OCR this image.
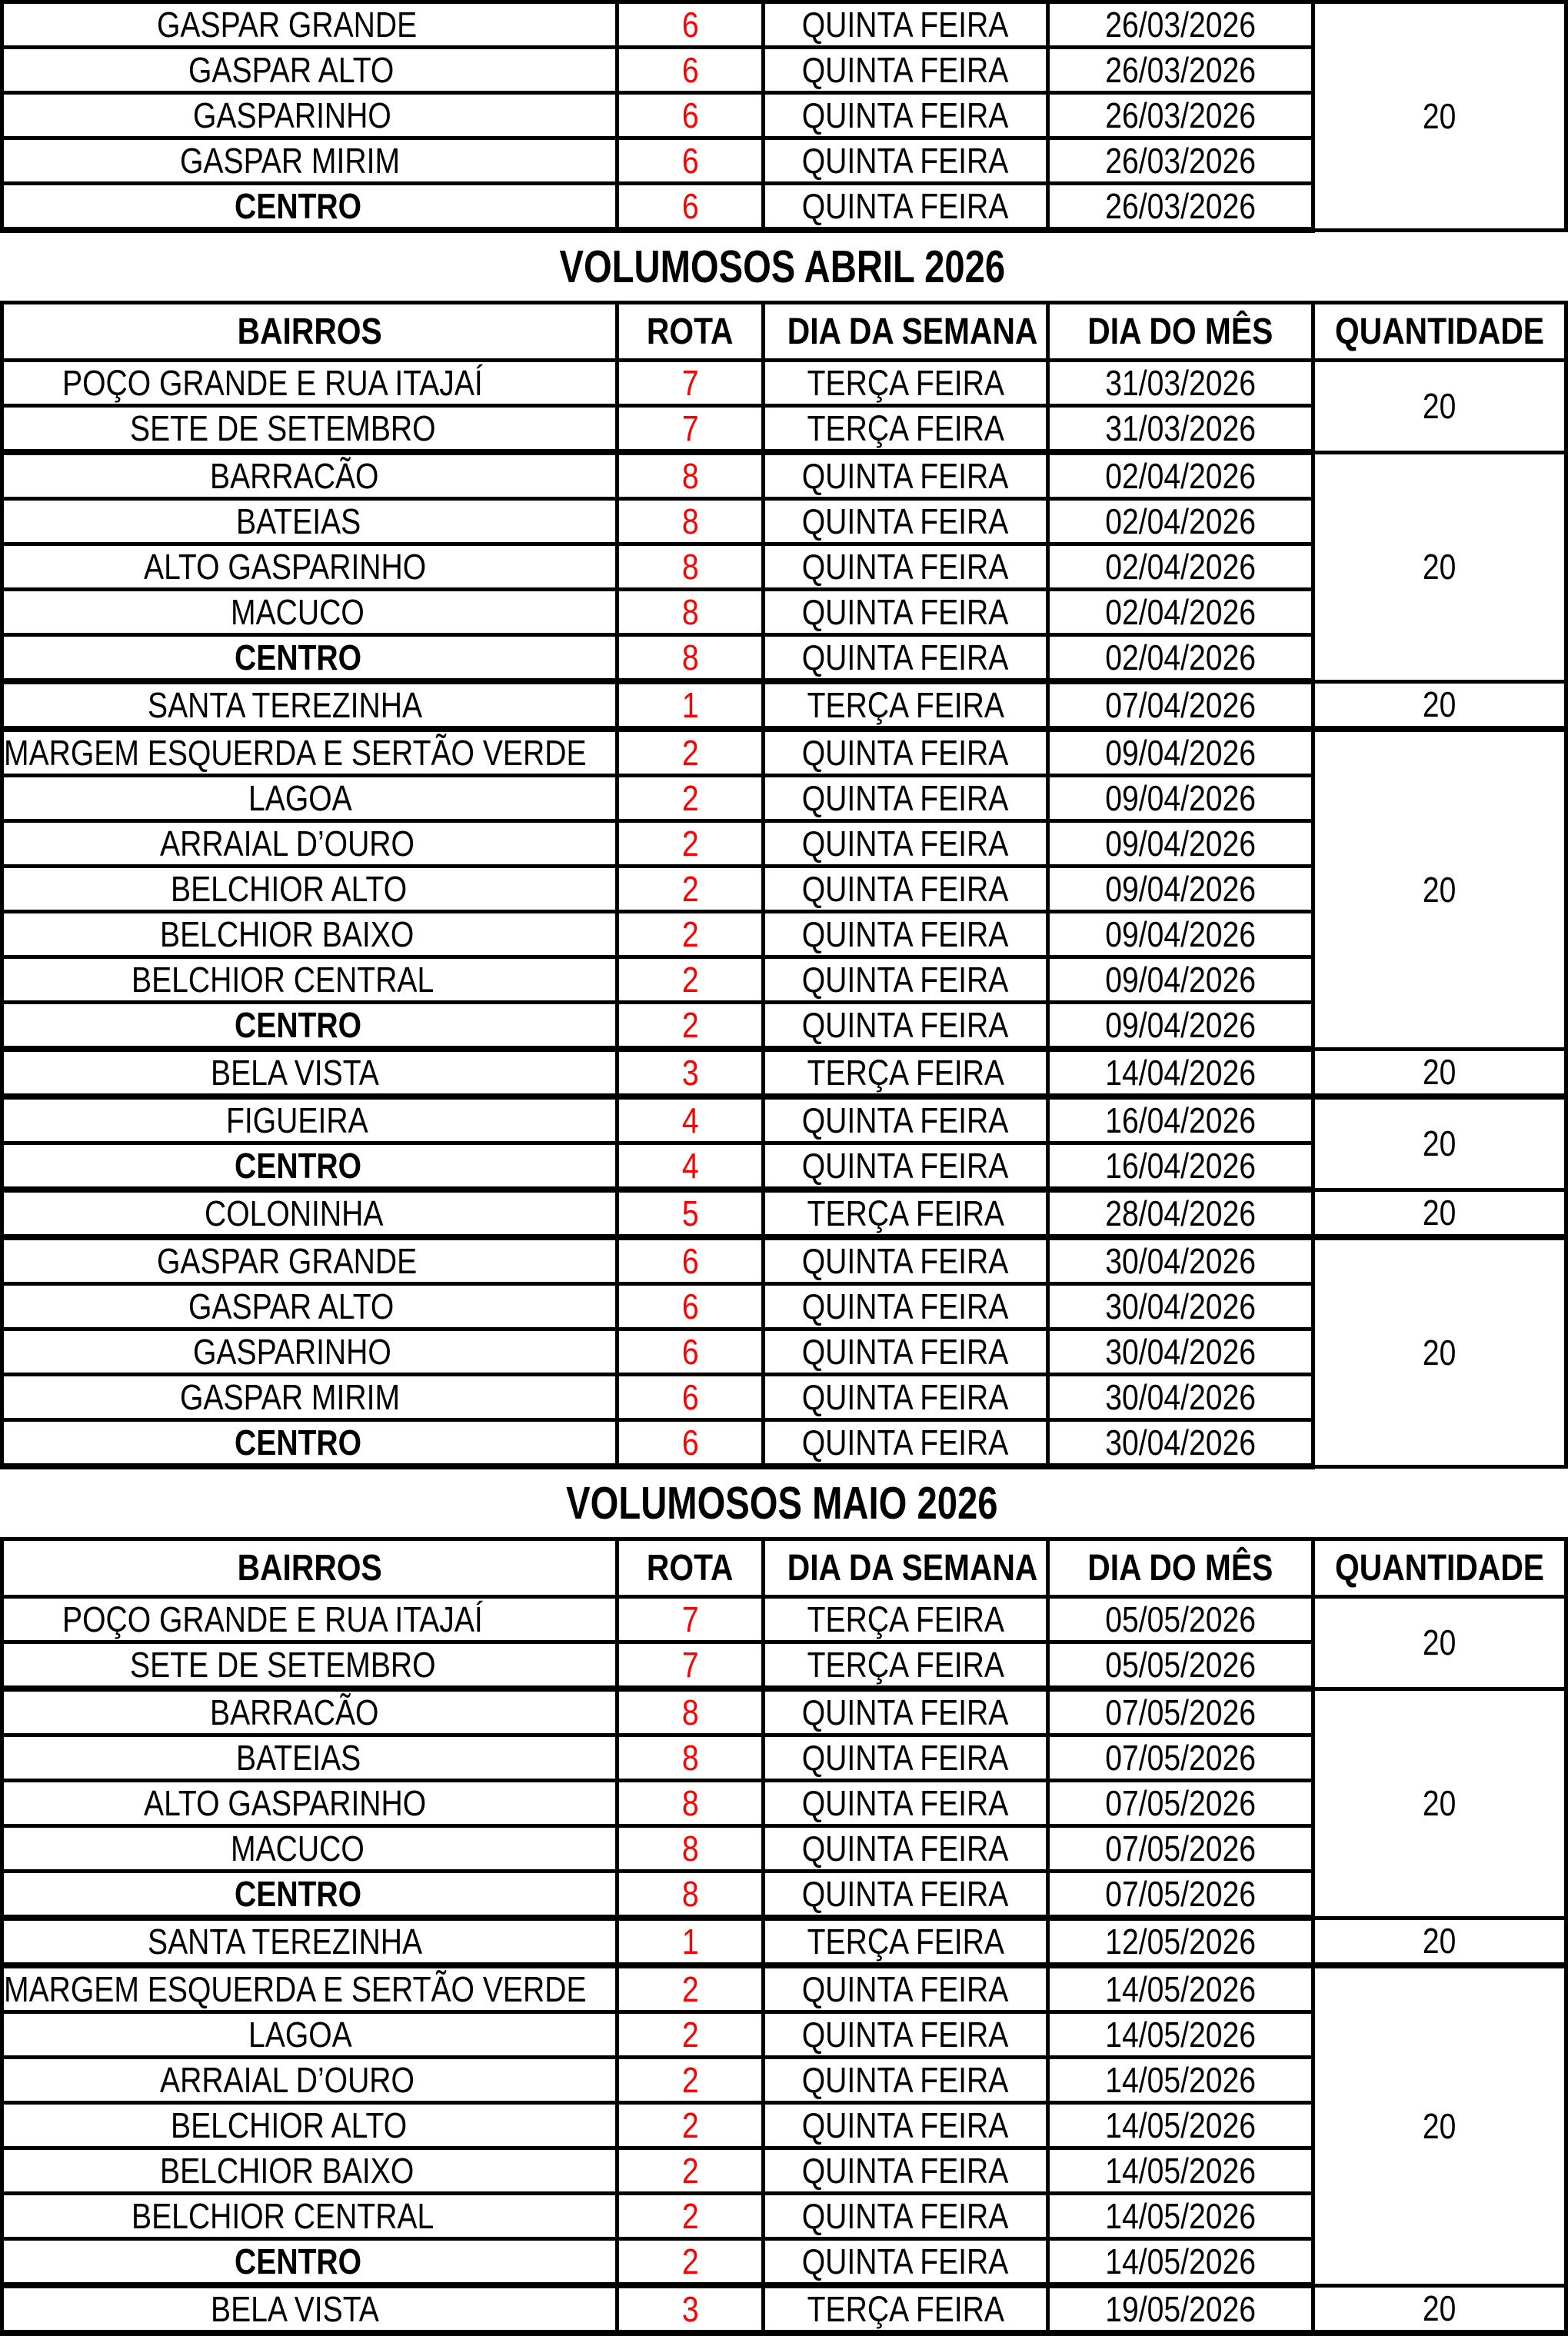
GASPAR GRANDE	6	QUINTA FEIRA	26/03/2026	20
GASPAR ALTO	6	QUINTA FEIRA	26/03/2026	
GASPARINHO	6	QUINTA FEIRA	26/03/2026	
GASPAR MIRIM	6	QUINTA FEIRA	26/03/2026	
CENTRO	6	QUINTA FEIRA	26/03/2026	
VOLUMOSOS ABRIL 2026
BAIRROS	ROTA	DIA DA SEMANA	DIA DO MÊS	QUANTIDADE
POÇO GRANDE E RUA ITAJAÍ	7	TERÇA FEIRA	31/03/2026	20
SETE DE SETEMBRO	7	TERÇA FEIRA	31/03/2026	
BARRACÃO	8	QUINTA FEIRA	02/04/2026	20
BATEIAS	8	QUINTA FEIRA	02/04/2026	
ALTO GASPARINHO	8	QUINTA FEIRA	02/04/2026	
MACUCO	8	QUINTA FEIRA	02/04/2026	
CENTRO	8	QUINTA FEIRA	02/04/2026	
SANTA TEREZINHA	1	TERÇA FEIRA	07/04/2026	20
MARGEM ESQUERDA E SERTÃO VERDE	2	QUINTA FEIRA	09/04/2026	20
LAGOA	2	QUINTA FEIRA	09/04/2026	
ARRAIAL D’OURO	2	QUINTA FEIRA	09/04/2026	
BELCHIOR ALTO	2	QUINTA FEIRA	09/04/2026	
BELCHIOR BAIXO	2	QUINTA FEIRA	09/04/2026	
BELCHIOR CENTRAL	2	QUINTA FEIRA	09/04/2026	
CENTRO	2	QUINTA FEIRA	09/04/2026	
BELA VISTA	3	TERÇA FEIRA	14/04/2026	20
FIGUEIRA	4	QUINTA FEIRA	16/04/2026	20
CENTRO	4	QUINTA FEIRA	16/04/2026	
COLONINHA	5	TERÇA FEIRA	28/04/2026	20
GASPAR GRANDE	6	QUINTA FEIRA	30/04/2026	20
GASPAR ALTO	6	QUINTA FEIRA	30/04/2026	
GASPARINHO	6	QUINTA FEIRA	30/04/2026	
GASPAR MIRIM	6	QUINTA FEIRA	30/04/2026	
CENTRO	6	QUINTA FEIRA	30/04/2026	
VOLUMOSOS MAIO 2026
BAIRROS	ROTA	DIA DA SEMANA	DIA DO MÊS	QUANTIDADE
POÇO GRANDE E RUA ITAJAÍ	7	TERÇA FEIRA	05/05/2026	20
SETE DE SETEMBRO	7	TERÇA FEIRA	05/05/2026	
BARRACÃO	8	QUINTA FEIRA	07/05/2026	20
BATEIAS	8	QUINTA FEIRA	07/05/2026	
ALTO GASPARINHO	8	QUINTA FEIRA	07/05/2026	
MACUCO	8	QUINTA FEIRA	07/05/2026	
CENTRO	8	QUINTA FEIRA	07/05/2026	
SANTA TEREZINHA	1	TERÇA FEIRA	12/05/2026	20
MARGEM ESQUERDA E SERTÃO VERDE	2	QUINTA FEIRA	14/05/2026	20
LAGOA	2	QUINTA FEIRA	14/05/2026	
ARRAIAL D’OURO	2	QUINTA FEIRA	14/05/2026	
BELCHIOR ALTO	2	QUINTA FEIRA	14/05/2026	
BELCHIOR BAIXO	2	QUINTA FEIRA	14/05/2026	
BELCHIOR CENTRAL	2	QUINTA FEIRA	14/05/2026	
CENTRO	2	QUINTA FEIRA	14/05/2026	
BELA VISTA	3	TERÇA FEIRA	19/05/2026	20
